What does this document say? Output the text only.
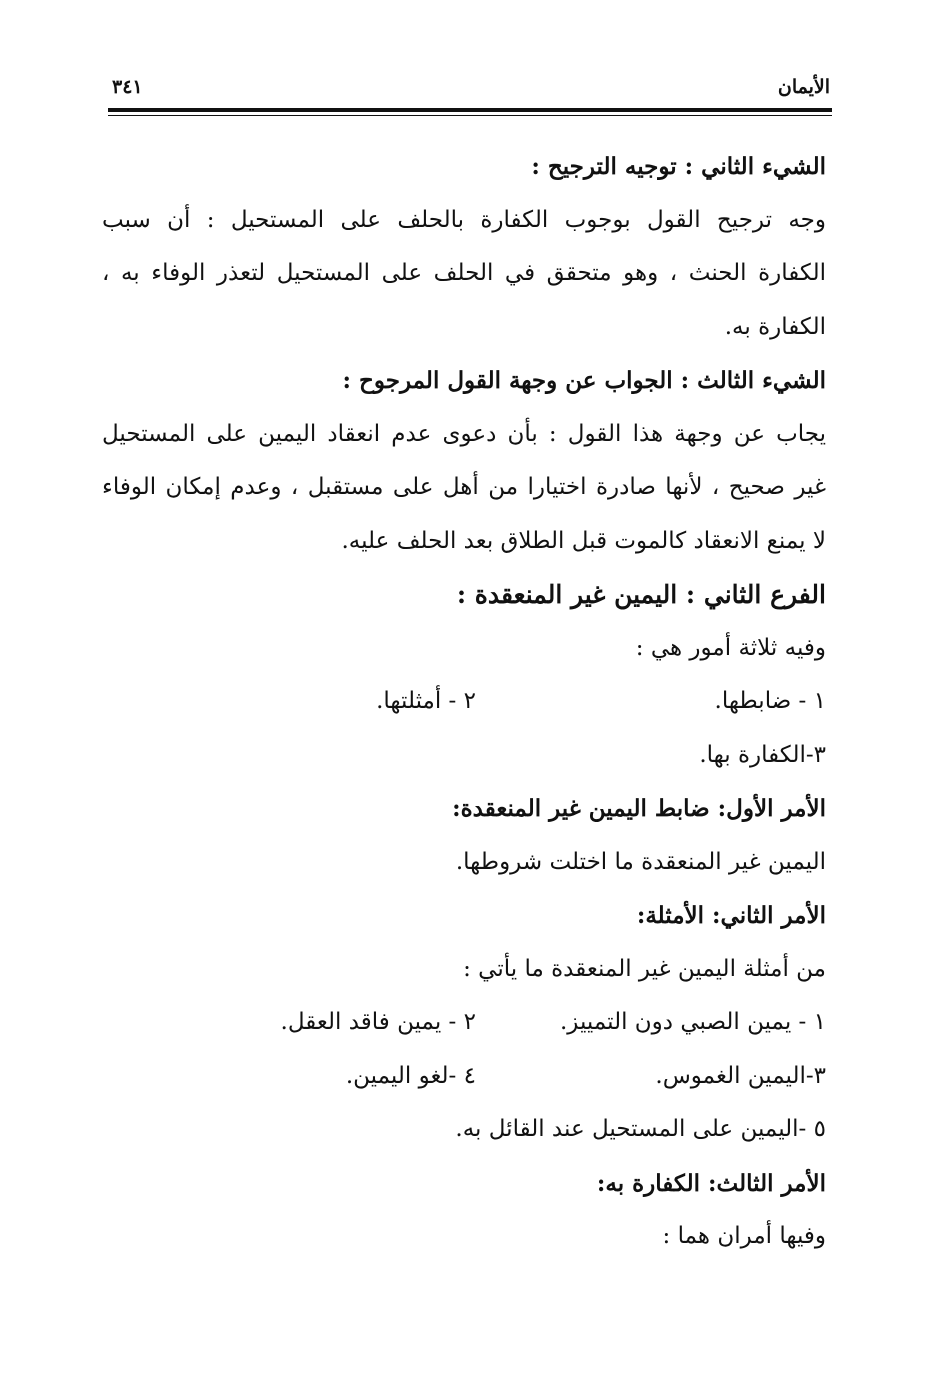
الأيمان
٣٤١
الشيء الثاني : توجيه الترجيح :
وجه ترجيح القول بوجوب الكفارة بالحلف على المستحيل : أن سبب
الكفارة الحنث ، وهو متحقق في الحلف على المستحيل لتعذر الوفاء به ،
الكفارة به.
الشيء الثالث : الجواب عن وجهة القول المرجوح :
يجاب عن وجهة هذا القول : بأن دعوى عدم انعقاد اليمين على المستحيل
غير صحيح ، لأنها صادرة اختيارا من أهل على مستقبل ، وعدم إمكان الوفاء
لا يمنع الانعقاد كالموت قبل الطلاق بعد الحلف عليه.
الفرع الثاني : اليمين غير المنعقدة :
وفيه ثلاثة أمور هي :
١ - ضابطها.
٢ - أمثلتها.
٣-الكفارة بها.
الأمر الأول: ضابط اليمين غير المنعقدة:
اليمين غير المنعقدة ما اختلت شروطها.
الأمر الثاني: الأمثلة:
من أمثلة اليمين غير المنعقدة ما يأتي :
١ - يمين الصبي دون التمييز.
٢ - يمين فاقد العقل.
٣-اليمين الغموس.
٤ -لغو اليمين.
٥ -اليمين على المستحيل عند القائل به.
الأمر الثالث: الكفارة به:
وفيها أمران هما :
